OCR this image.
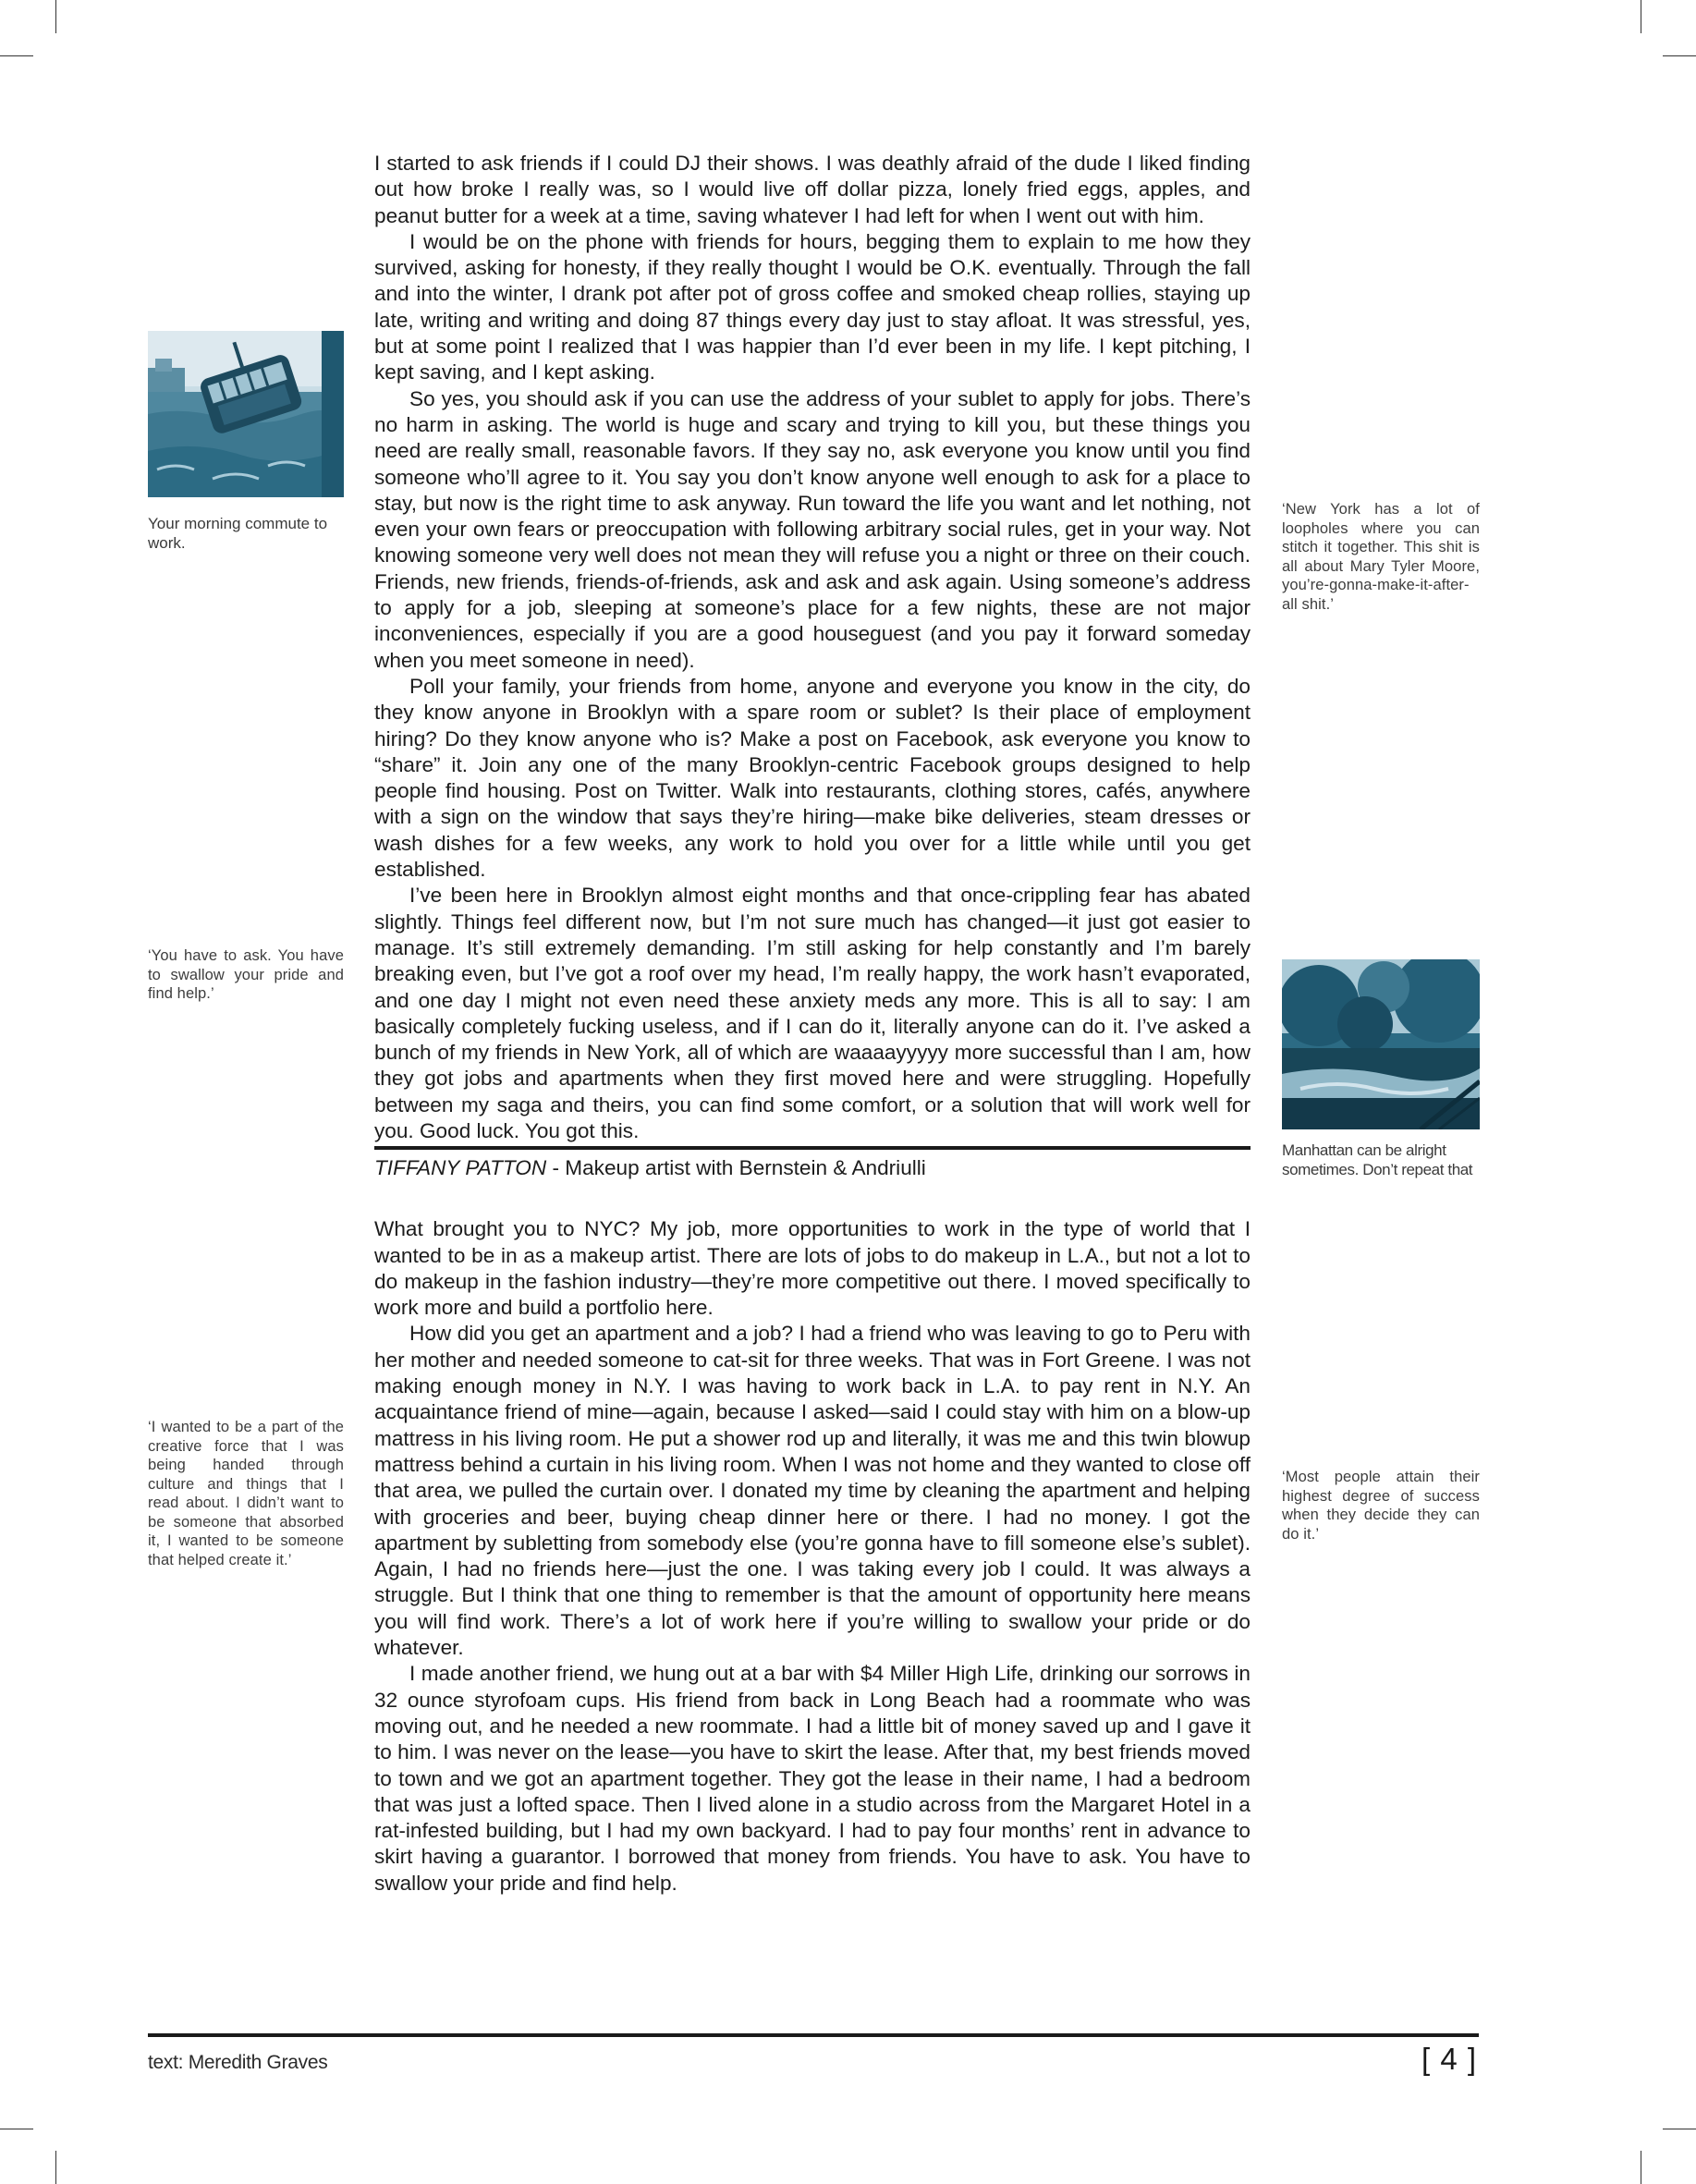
Your morning commute to work.
‘You have to ask. You have to swallow your pride and find help.’
‘I wanted to be a part of the creative force that I was being handed through culture and things that I read about. I didn’t want to be someone that absorbed it, I wanted to be someone that helped create it.’
‘New York has a lot of loopholes where you can stitch it together. This shit is all about Mary Tyler Moore, you’re-gonna-make-it-after-all shit.’
Manhattan can be alright sometimes. Don’t repeat that
‘Most people attain their highest degree of success when they decide they can do it.’

I started to ask friends if I could DJ their shows. I was deathly afraid of the dude I liked finding out how broke I really was, so I would live off dollar pizza, lonely fried eggs, apples, and peanut butter for a week at a time, saving whatever I had left for when I went out with him.

I would be on the phone with friends for hours, begging them to explain to me how they survived, asking for honesty, if they really thought I would be O.K. eventually. Through the fall and into the winter, I drank pot after pot of gross coffee and smoked cheap rollies, staying up late, writing and writing and doing 87 things every day just to stay afloat. It was stressful, yes, but at some point I realized that I was happier than I’d ever been in my life. I kept pitching, I kept saving, and I kept asking.

So yes, you should ask if you can use the address of your sublet to apply for jobs. There’s no harm in asking. The world is huge and scary and trying to kill you, but these things you need are really small, reasonable favors. If they say no, ask everyone you know until you find someone who’ll agree to it. You say you don’t know anyone well enough to ask for a place to stay, but now is the right time to ask anyway. Run toward the life you want and let nothing, not even your own fears or preoccupation with following arbitrary social rules, get in your way. Not knowing someone very well does not mean they will refuse you a night or three on their couch. Friends, new friends, friends-of-friends, ask and ask and ask again. Using someone’s address to apply for a job, sleeping at someone’s place for a few nights, these are not major inconveniences, especially if you are a good houseguest (and you pay it forward someday when you meet someone in need).

Poll your family, your friends from home, anyone and everyone you know in the city, do they know anyone in Brooklyn with a spare room or sublet? Is their place of employment hiring? Do they know anyone who is? Make a post on Facebook, ask everyone you know to “share” it. Join any one of the many Brooklyn-centric Facebook groups designed to help people find housing. Post on Twitter. Walk into restaurants, clothing stores, cafés, anywhere with a sign on the window that says they’re hiring—make bike deliveries, steam dresses or wash dishes for a few weeks, any work to hold you over for a little while until you get established.

I’ve been here in Brooklyn almost eight months and that once-crippling fear has abated slightly. Things feel different now, but I’m not sure much has changed—it just got easier to manage. It’s still extremely demanding. I’m still asking for help constantly and I’m barely breaking even, but I’ve got a roof over my head, I’m really happy, the work hasn’t evaporated, and one day I might not even need these anxiety meds any more. This is all to say: I am basically completely fucking useless, and if I can do it, literally anyone can do it. I’ve asked a bunch of my friends in New York, all of which are waaaayyyyy more successful than I am, how they got jobs and apartments when they first moved here and were struggling. Hopefully between my saga and theirs, you can find some comfort, or a solution that will work well for you. Good luck. You got this.

TIFFANY PATTON - Makeup artist with Bernstein & Andriulli

What brought you to NYC? My job, more opportunities to work in the type of world that I wanted to be in as a makeup artist. There are lots of jobs to do makeup in L.A., but not a lot to do makeup in the fashion industry—they’re more competitive out there. I moved specifically to work more and build a portfolio here.

How did you get an apartment and a job? I had a friend who was leaving to go to Peru with her mother and needed someone to cat-sit for three weeks. That was in Fort Greene. I was not making enough money in N.Y. I was having to work back in L.A. to pay rent in N.Y. An acquaintance friend of mine—again, because I asked—said I could stay with him on a blow-up mattress in his living room. He put a shower rod up and literally, it was me and this twin blowup mattress behind a curtain in his living room. When I was not home and they wanted to close off that area, we pulled the curtain over. I donated my time by cleaning the apartment and helping with groceries and beer, buying cheap dinner here or there. I had no money. I got the apartment by subletting from somebody else (you’re gonna have to fill someone else’s sublet). Again, I had no friends here—just the one. I was taking every job I could. It was always a struggle. But I think that one thing to remember is that the amount of opportunity here means you will find work. There’s a lot of work here if you’re willing to swallow your pride or do whatever.

I made another friend, we hung out at a bar with $4 Miller High Life, drinking our sorrows in 32 ounce styrofoam cups. His friend from back in Long Beach had a roommate who was moving out, and he needed a new roommate. I had a little bit of money saved up and I gave it to him. I was never on the lease—you have to skirt the lease. After that, my best friends moved to town and we got an apartment together. They got the lease in their name, I had a bedroom that was just a lofted space. Then I lived alone in a studio across from the Margaret Hotel in a rat-infested building, but I had my own backyard. I had to pay four months’ rent in advance to skirt having a guarantor. I borrowed that money from friends. You have to ask. You have to swallow your pride and find help.

text: Meredith Graves	[ 4 ]
